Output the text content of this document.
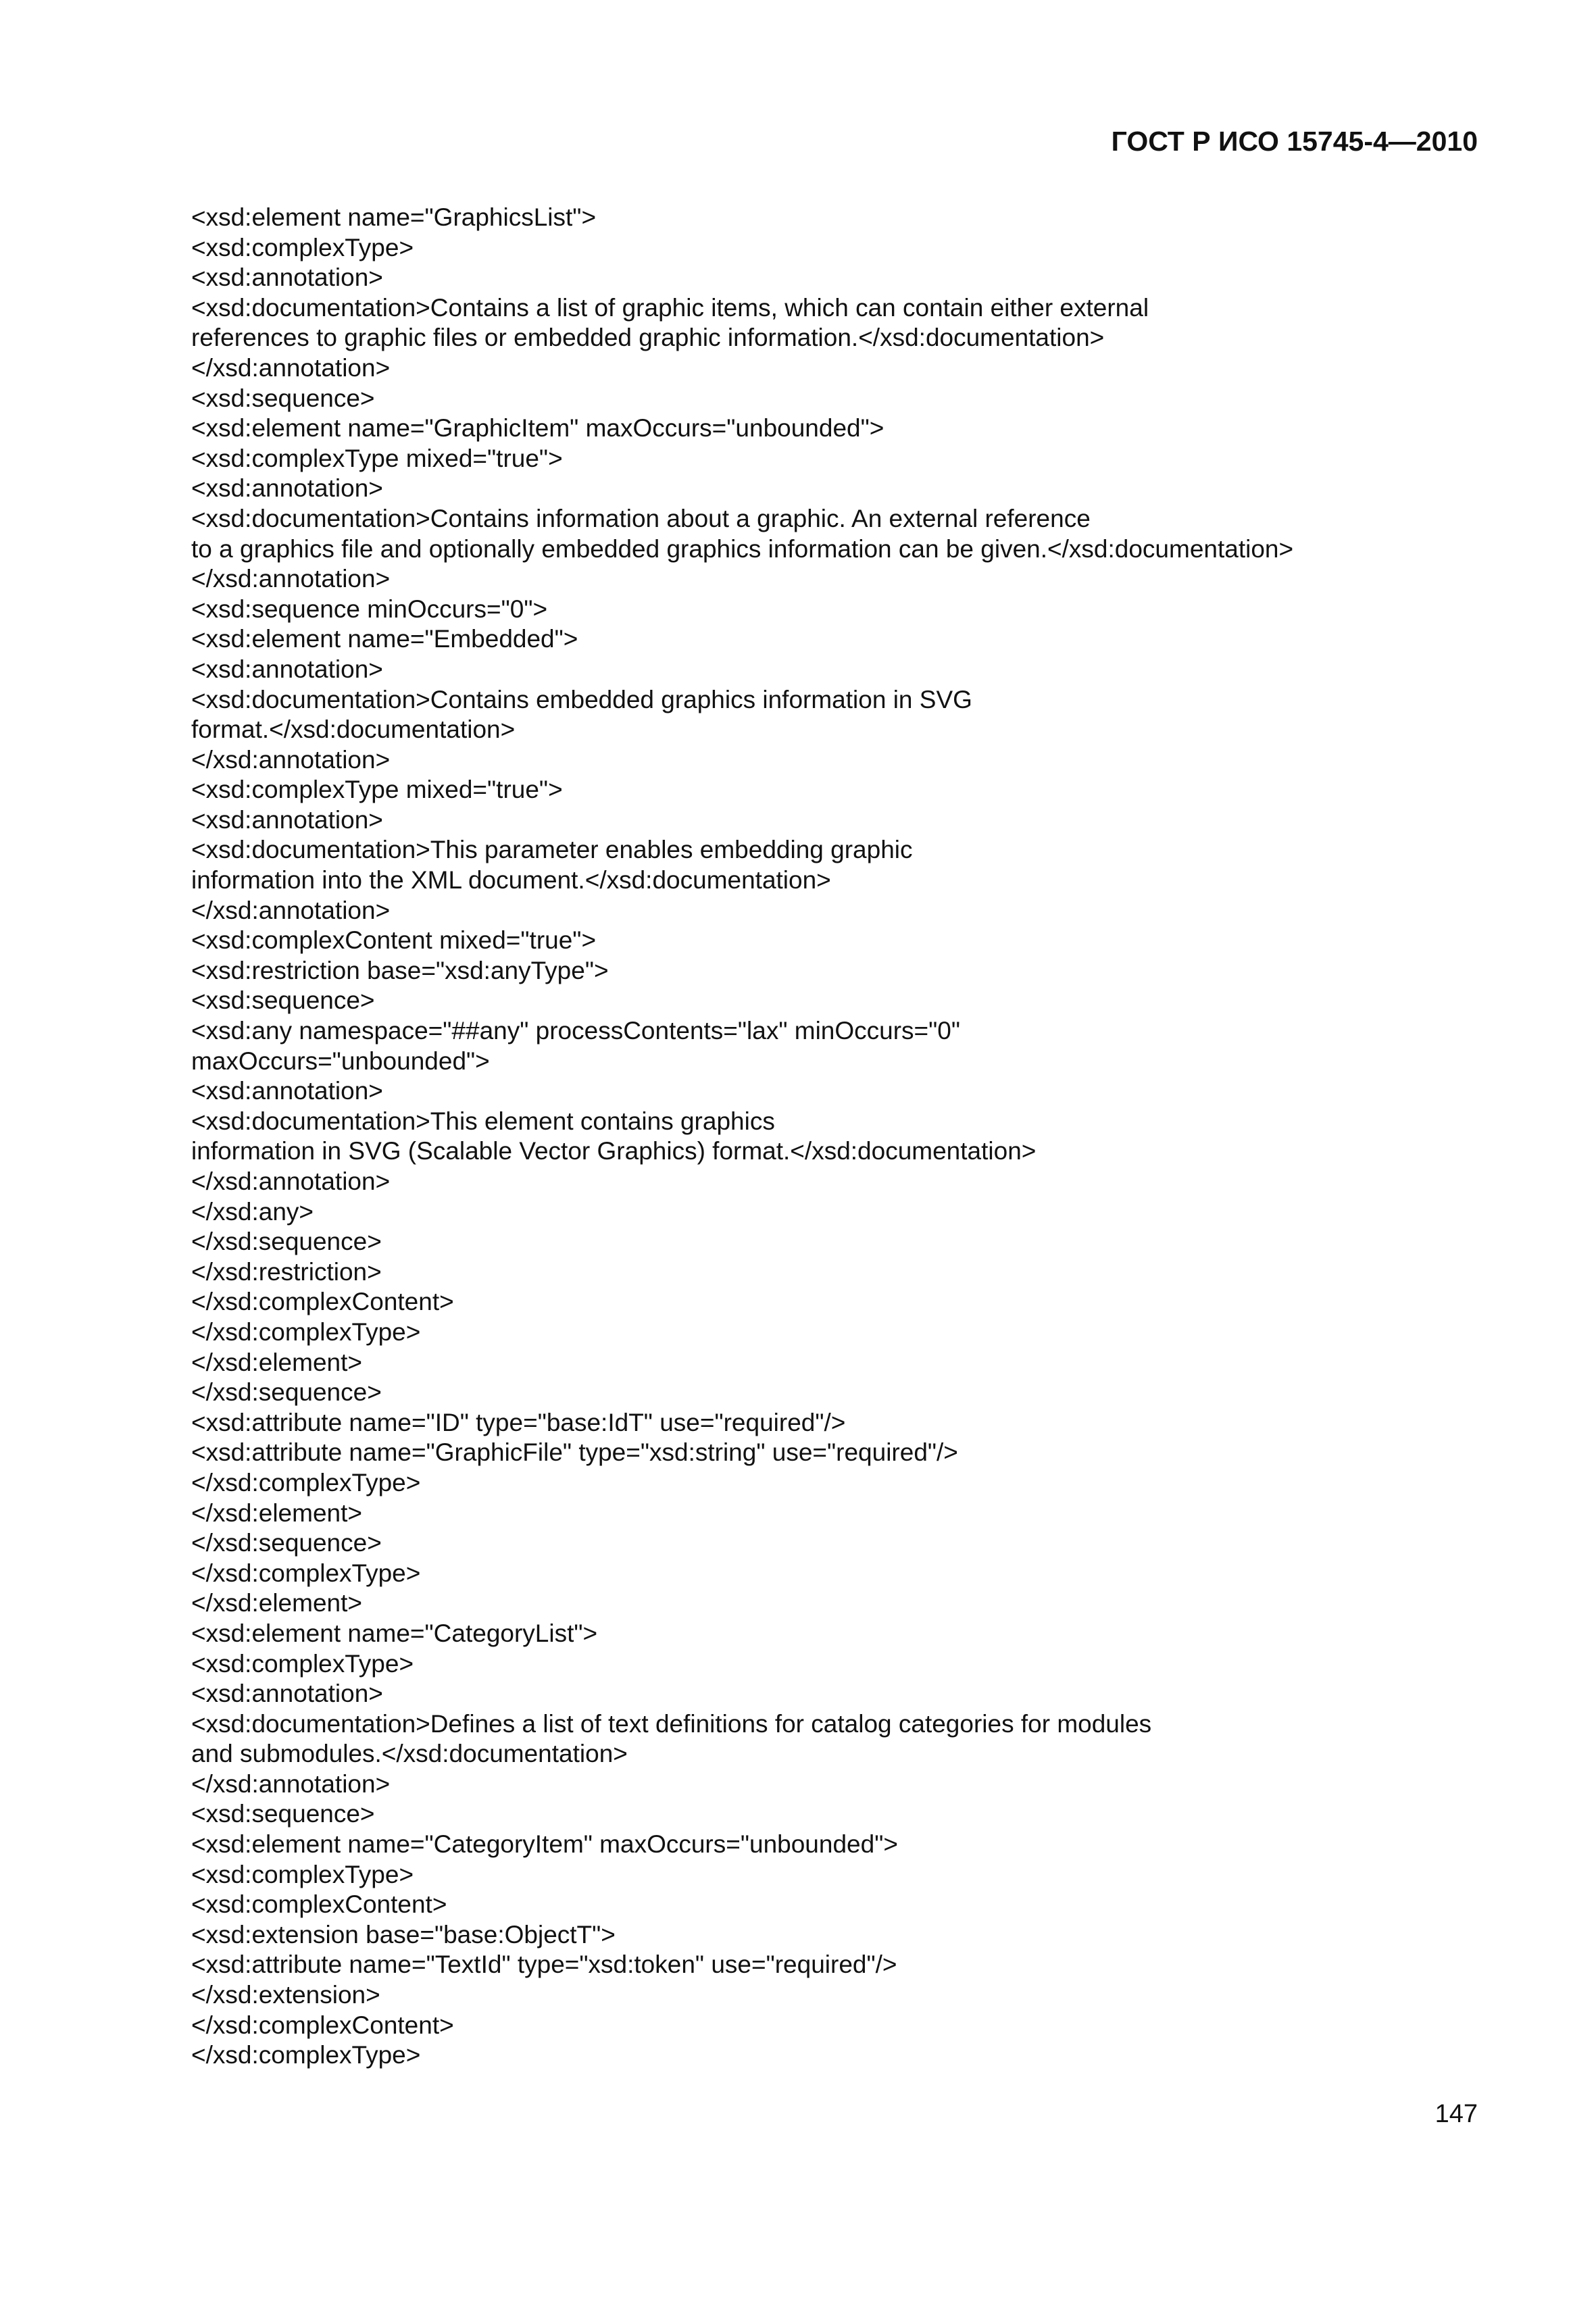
ГОСТ Р ИСО 15745-4—2010
<xsd:element name="GraphicsList">
<xsd:complexType>
<xsd:annotation>
<xsd:documentation>Contains a list of graphic items, which can contain either external
references to graphic files or embedded graphic information.</xsd:documentation>
</xsd:annotation>
<xsd:sequence>
<xsd:element name="GraphicItem" maxOccurs="unbounded">
<xsd:complexType mixed="true">
<xsd:annotation>
<xsd:documentation>Contains information about a graphic. An external reference
to a graphics file and optionally embedded graphics information can be given.</xsd:documentation>
</xsd:annotation>
<xsd:sequence minOccurs="0">
<xsd:element name="Embedded">
<xsd:annotation>
<xsd:documentation>Contains embedded graphics information in SVG
format.</xsd:documentation>
</xsd:annotation>
<xsd:complexType mixed="true">
<xsd:annotation>
<xsd:documentation>This parameter enables embedding graphic
information into the XML document.</xsd:documentation>
</xsd:annotation>
<xsd:complexContent mixed="true">
<xsd:restriction base="xsd:anyType">
<xsd:sequence>
<xsd:any namespace="##any" processContents="lax" minOccurs="0"
maxOccurs="unbounded">
<xsd:annotation>
<xsd:documentation>This element contains graphics
information in SVG (Scalable Vector Graphics) format.</xsd:documentation>
</xsd:annotation>
</xsd:any>
</xsd:sequence>
</xsd:restriction>
</xsd:complexContent>
</xsd:complexType>
</xsd:element>
</xsd:sequence>
<xsd:attribute name="ID" type="base:IdT" use="required"/>
<xsd:attribute name="GraphicFile" type="xsd:string" use="required"/>
</xsd:complexType>
</xsd:element>
</xsd:sequence>
</xsd:complexType>
</xsd:element>
<xsd:element name="CategoryList">
<xsd:complexType>
<xsd:annotation>
<xsd:documentation>Defines a list of text definitions for catalog categories for modules
and submodules.</xsd:documentation>
</xsd:annotation>
<xsd:sequence>
<xsd:element name="CategoryItem" maxOccurs="unbounded">
<xsd:complexType>
<xsd:complexContent>
<xsd:extension base="base:ObjectT">
<xsd:attribute name="TextId" type="xsd:token" use="required"/>
</xsd:extension>
</xsd:complexContent>
</xsd:complexType>
147
